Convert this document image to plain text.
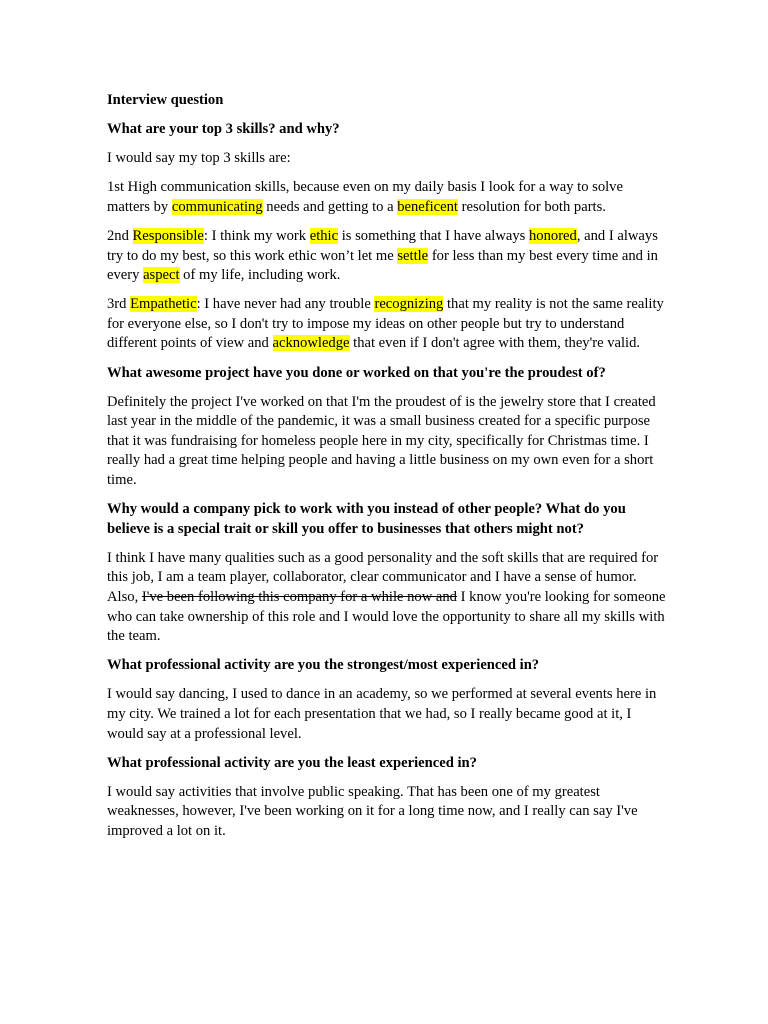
Interview question

What are your top 3 skills? and why?

I would say my top 3 skills are:

1st High communication skills, because even on my daily basis I look for a way to solve matters by communicating needs and getting to a beneficent resolution for both parts.

2nd Responsible: I think my work ethic is something that I have always honored, and I always try to do my best, so this work ethic won’t let me settle for less than my best every time and in every aspect of my life, including work.

3rd Empathetic: I have never had any trouble recognizing that my reality is not the same reality for everyone else, so I don't try to impose my ideas on other people but try to understand different points of view and acknowledge that even if I don't agree with them, they're valid.

What awesome project have you done or worked on that you're the proudest of?

Definitely the project I've worked on that I'm the proudest of is the jewelry store that I created last year in the middle of the pandemic, it was a small business created for a specific purpose that it was fundraising for homeless people here in my city, specifically for Christmas time. I really had a great time helping people and having a little business on my own even for a short time.

Why would a company pick to work with you instead of other people? What do you believe is a special trait or skill you offer to businesses that others might not?

I think I have many qualities such as a good personality and the soft skills that are required for this job, I am a team player, collaborator, clear communicator and I have a sense of humor. Also, I've been following this company for a while now and I know you're looking for someone who can take ownership of this role and I would love the opportunity to share all my skills with the team.

What professional activity are you the strongest/most experienced in?

I would say dancing, I used to dance in an academy, so we performed at several events here in my city. We trained a lot for each presentation that we had, so I really became good at it, I would say at a professional level.

What professional activity are you the least experienced in?

I would say activities that involve public speaking. That has been one of my greatest weaknesses, however, I've been working on it for a long time now, and I really can say I've improved a lot on it.
